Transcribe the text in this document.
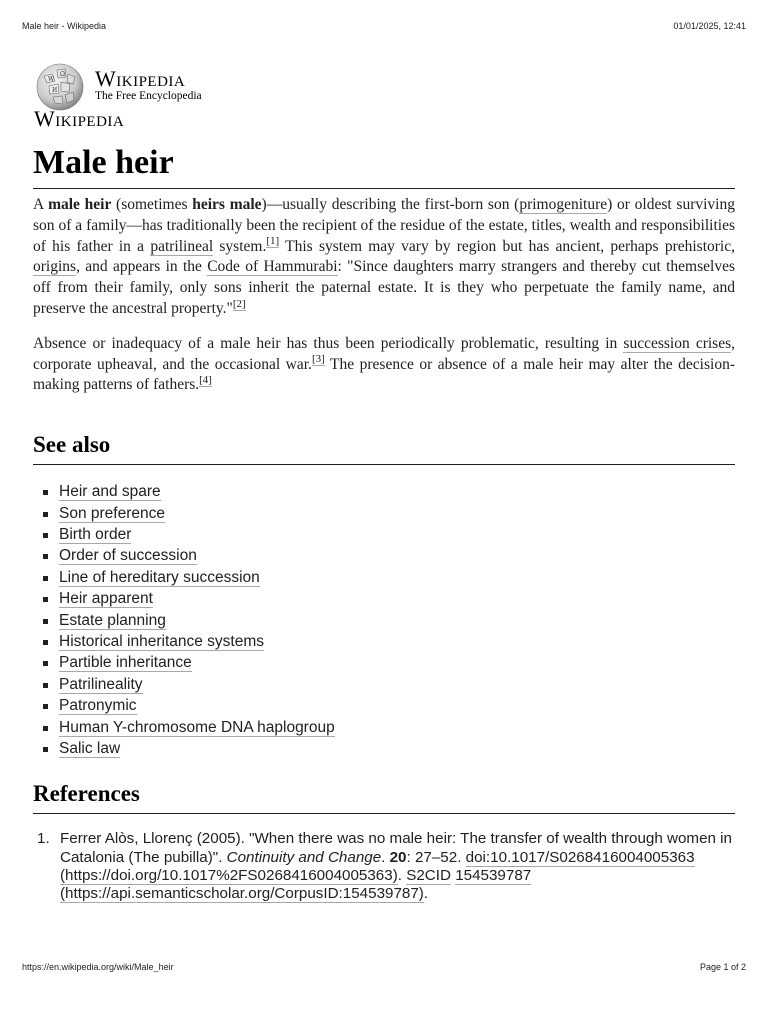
Male heir - Wikipedia	01/01/2025, 12:41
W
Ω
И Wikipedia
The Free Encyclopedia
Wikipedia
Male heir

A male heir (sometimes heirs male)—usually describing the first-born son (primogeniture) or oldest surviving son of a family—has traditionally been the recipient of the residue of the estate, titles, wealth and responsibilities of his father in a patrilineal system.[1] This system may vary by region but has ancient, perhaps prehistoric, origins, and appears in the Code of Hammurabi: "Since daughters marry strangers and thereby cut themselves off from their family, only sons inherit the paternal estate. It is they who perpetuate the family name, and preserve the ancestral property."[2]

Absence or inadequacy of a male heir has thus been periodically problematic, resulting in succession crises, corporate upheaval, and the occasional war.[3] The presence or absence of a male heir may alter the decision-making patterns of fathers.[4]

See also
Heir and spare
Son preference
Birth order
Order of succession
Line of hereditary succession
Heir apparent
Estate planning
Historical inheritance systems
Partible inheritance
Patrilineality
Patronymic
Human Y-chromosome DNA haplogroup
Salic law
References
1. Ferrer Alòs, Llorenç (2005). "When there was no male heir: The transfer of wealth through women in Catalonia (The pubilla)". Continuity and Change. 20: 27–52. doi:10.1017/S0268416004005363 (https://doi.org/10.1017%2FS0268416004005363). S2CID 154539787 (https://api.semanticscholar.org/CorpusID:154539787).
https://en.wikipedia.org/wiki/Male_heir	Page 1 of 2
